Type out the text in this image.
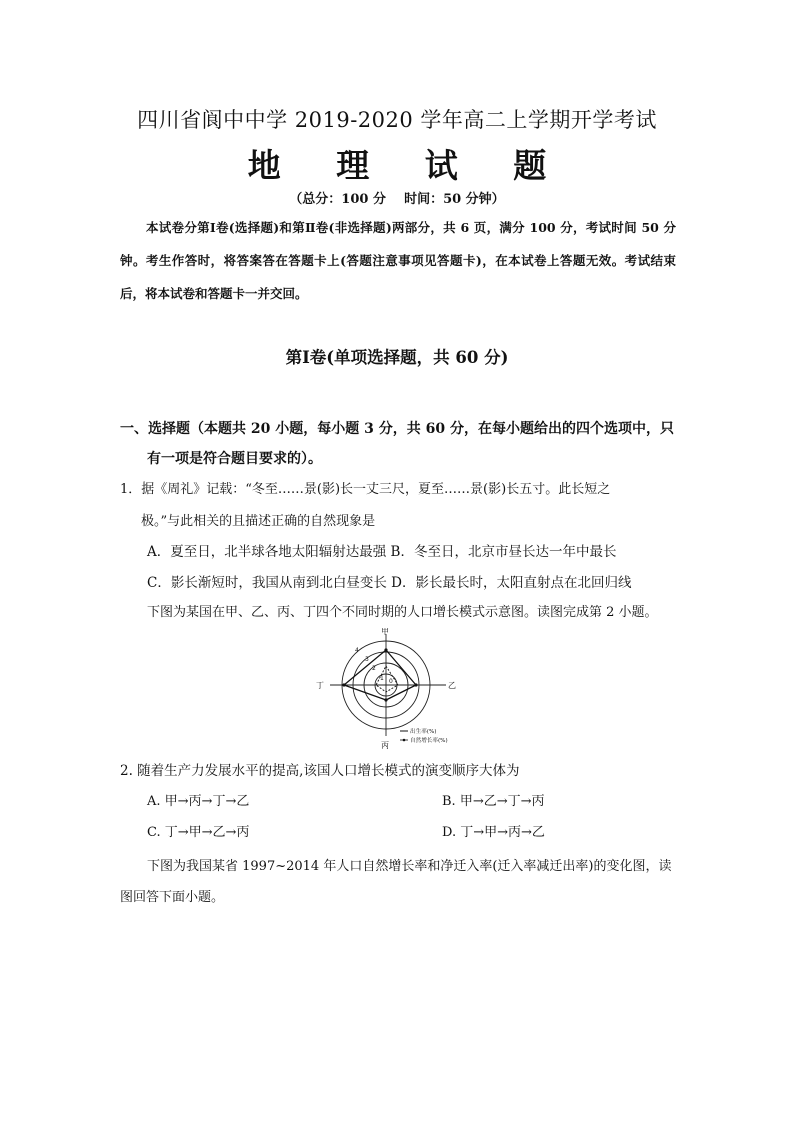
四川省阆中中学 2019-2020 学年高二上学期开学考试
地 理 试 题
（总分：100 分    时间：50 分钟）
本试卷分第Ⅰ卷(选择题)和第Ⅱ卷(非选择题)两部分，共 6 页，满分 100 分，考试时间 50 分钟。考生作答时，将答案答在答题卡上(答题注意事项见答题卡)，在本试卷上答题无效。考试结束后，将本试卷和答题卡一并交回。
第Ⅰ卷(单项选择题，共 60 分)
一、选择题（本题共 20 小题，每小题 3 分，共 60 分，在每小题给出的四个选项中，只
有一项是符合题目要求的）。
1．据《周礼》记载：“冬至……景(影)长一丈三尺，夏至……景(影)长五寸。此长短之
极。”与此相关的且描述正确的自然现象是
A．夏至日，北半球各地太阳辐射达最强 B．冬至日，北京市昼长达一年中最长
C．影长渐短时，我国从南到北白昼变长 D．影长最长时，太阳直射点在北回归线
下图为某国在甲、乙、丙、丁四个不同时期的人口增长模式示意图。读图完成第 2 小题。
甲
乙
丙
丁
4
3
2
1 0
出生率(%)
自然增长率(%)
2. 随着生产力发展水平的提高,该国人口增长模式的演变顺序大体为
A. 甲→丙→丁→乙	B. 甲→乙→丁→丙
C. 丁→甲→乙→丙	D. 丁→甲→丙→乙
下图为我国某省 1997~2014 年人口自然增长率和净迁入率(迁入率减迁出率)的变化图，读图回答下面小题。
